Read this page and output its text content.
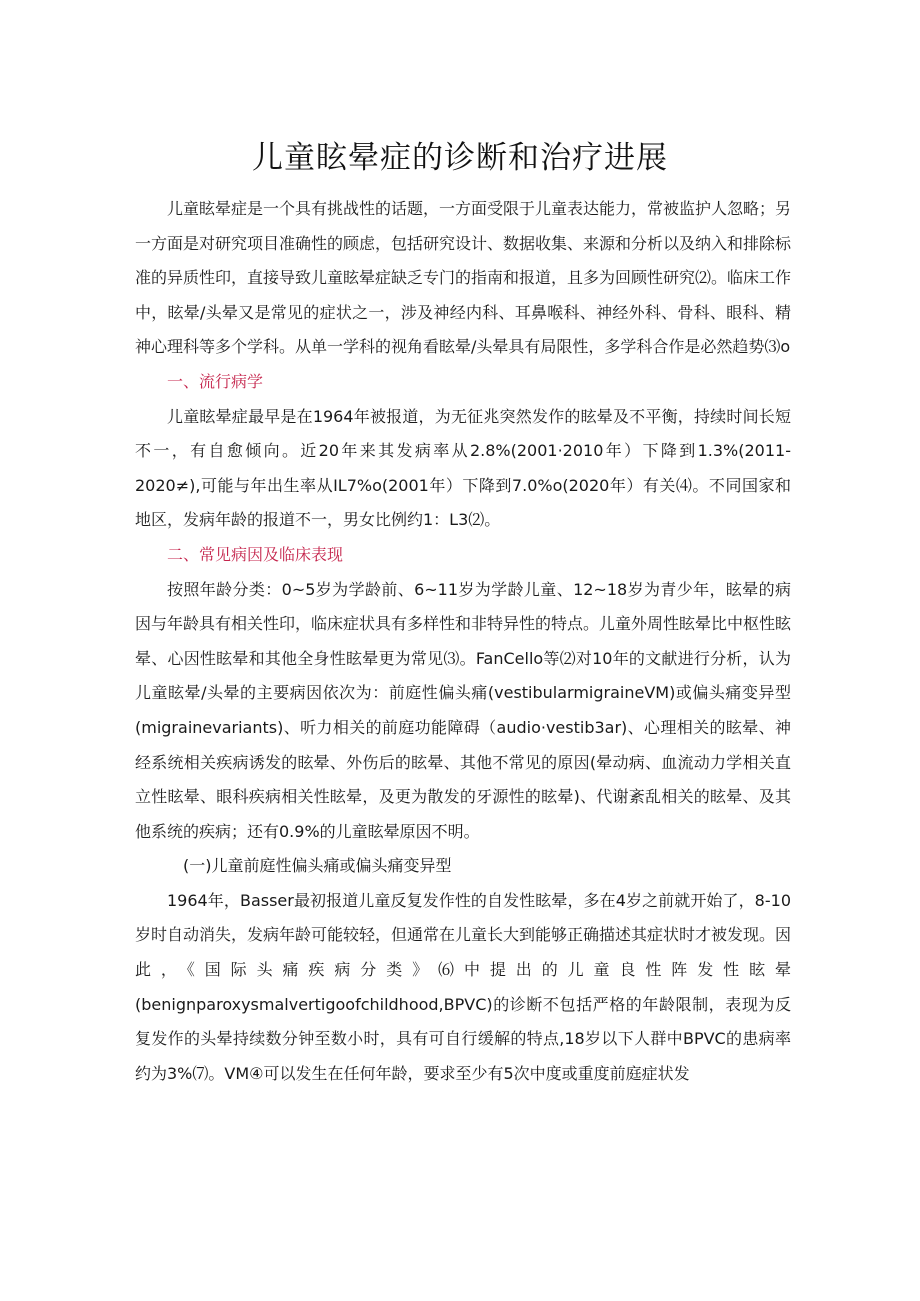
儿童眩晕症的诊断和治疗进展

儿童眩晕症是一个具有挑战性的话题，一方面受限于儿童表达能力，常被监护人忽略；另一方面是对研究项目准确性的顾虑，包括研究设计、数据收集、来源和分析以及纳入和排除标准的异质性印，直接导致儿童眩晕症缺乏专门的指南和报道，且多为回顾性研究⑵。临床工作中，眩晕/头晕又是常见的症状之一，涉及神经内科、耳鼻喉科、神经外科、骨科、眼科、精神心理科等多个学科。从单一学科的视角看眩晕/头晕具有局限性，多学科合作是必然趋势⑶o

一、流行病学

儿童眩晕症最早是在1964年被报道，为无征兆突然发作的眩晕及不平衡，持续时间长短不一，有自愈倾向。近20年来其发病率从2.8%(2001·2010年）下降到1.3%(2011-2020≠),可能与年出生率从IL7%o(2001年）下降到7.0%o(2020年）有关⑷。不同国家和地区，发病年龄的报道不一，男女比例约1：L3⑵。

二、常见病因及临床表现

按照年龄分类：0~5岁为学龄前、6~11岁为学龄儿童、12~18岁为青少年，眩晕的病因与年龄具有相关性印，临床症状具有多样性和非特异性的特点。儿童外周性眩晕比中枢性眩晕、心因性眩晕和其他全身性眩晕更为常见⑶。FanCello等⑵对10年的文献进行分析，认为儿童眩晕/头晕的主要病因依次为：前庭性偏头痛(vestibularmigraineVM)或偏头痛变异型(migrainevariants)、听力相关的前庭功能障碍（audio·vestib3ar)、心理相关的眩晕、神经系统相关疾病诱发的眩晕、外伤后的眩晕、其他不常见的原因(晕动病、血流动力学相关直立性眩晕、眼科疾病相关性眩晕，及更为散发的牙源性的眩晕)、代谢紊乱相关的眩晕、及其他系统的疾病；还有0.9%的儿童眩晕原因不明。

(一)儿童前庭性偏头痛或偏头痛变异型

1964年，Basser最初报道儿童反复发作性的自发性眩晕，多在4岁之前就开始了，8-10岁时自动消失，发病年龄可能较轻，但通常在儿童长大到能够正确描述其症状时才被发现。因此，《国际头痛疾病分类》⑹中提出的儿童良性阵发性眩晕(benignparoxysmalvertigoofchildhood,BPVC)的诊断不包括严格的年龄限制，表现为反复发作的头晕持续数分钟至数小时，具有可自行缓解的特点,18岁以下人群中BPVC的患病率约为3%⑺。VM④可以发生在任何年龄，要求至少有5次中度或重度前庭症状发
